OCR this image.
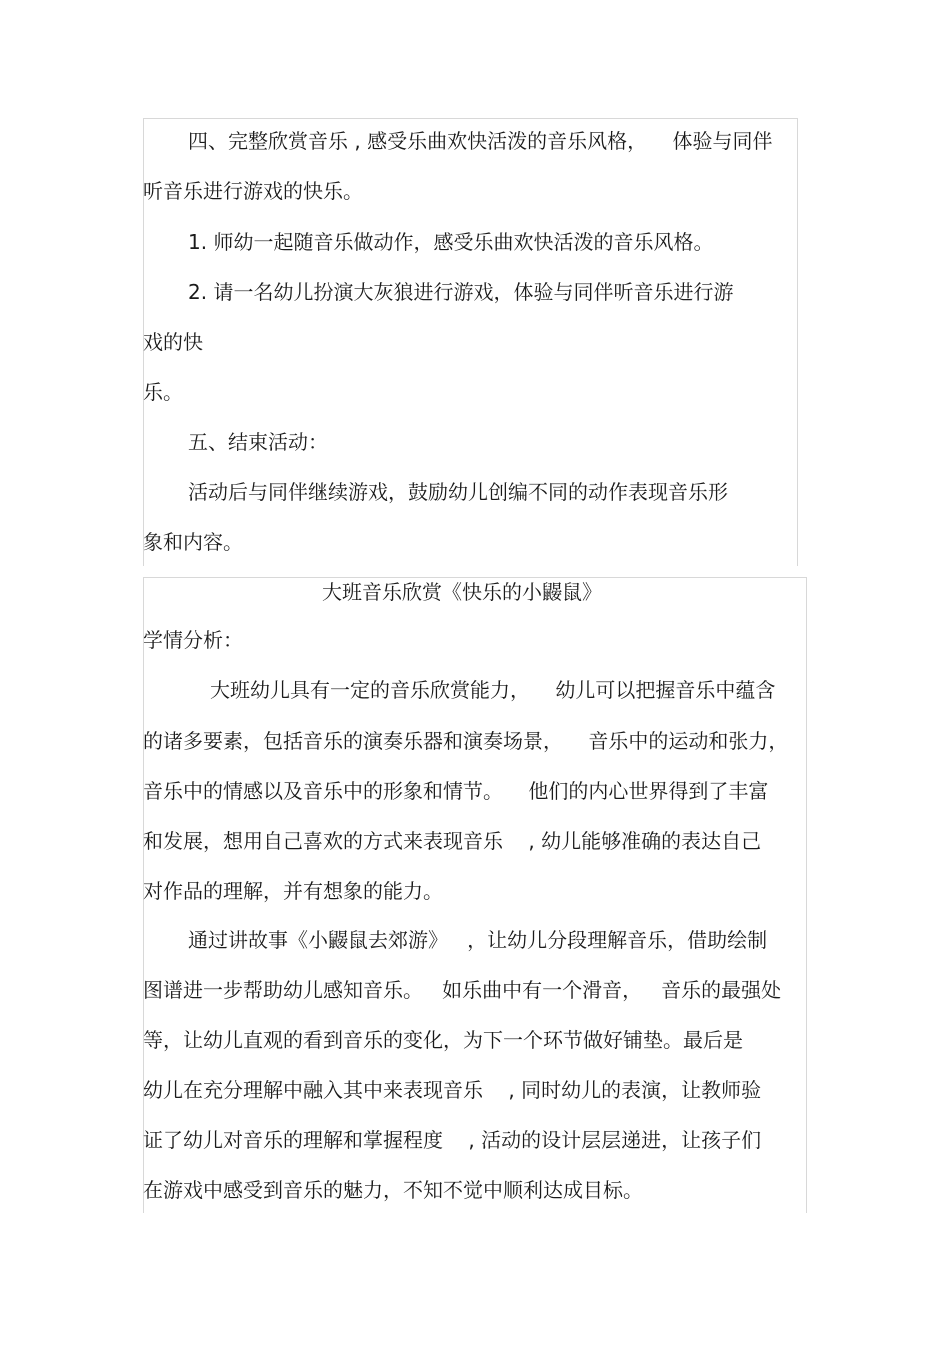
四、完整欣赏音乐 , 感受乐曲欢快活泼的音乐风格，    体验与同伴
听音乐进行游戏的快乐。
1. 师幼一起随音乐做动作，感受乐曲欢快活泼的音乐风格。
2. 请一名幼儿扮演大灰狼进行游戏，体验与同伴听音乐进行游
戏的快
乐。
五、结束活动：
活动后与同伴继续游戏，鼓励幼儿创编不同的动作表现音乐形
象和内容。
大班音乐欣赏《快乐的小鼹鼠》
学情分析：
大班幼儿具有一定的音乐欣赏能力，    幼儿可以把握音乐中蕴含
的诸多要素，包括音乐的演奏乐器和演奏场景，    音乐中的运动和张力，
音乐中的情感以及音乐中的形象和情节。    他们的内心世界得到了丰富
和发展，想用自己喜欢的方式来表现音乐    , 幼儿能够准确的表达自己
对作品的理解，并有想象的能力。
通过讲故事《小鼹鼠去郊游》   ，让幼儿分段理解音乐，借助绘制
图谱进一步帮助幼儿感知音乐。   如乐曲中有一个滑音，   音乐的最强处
等，让幼儿直观的看到音乐的变化，为下一个环节做好铺垫。最后是
幼儿在充分理解中融入其中来表现音乐    , 同时幼儿的表演，让教师验
证了幼儿对音乐的理解和掌握程度    , 活动的设计层层递进，让孩子们
在游戏中感受到音乐的魅力，不知不觉中顺利达成目标。
